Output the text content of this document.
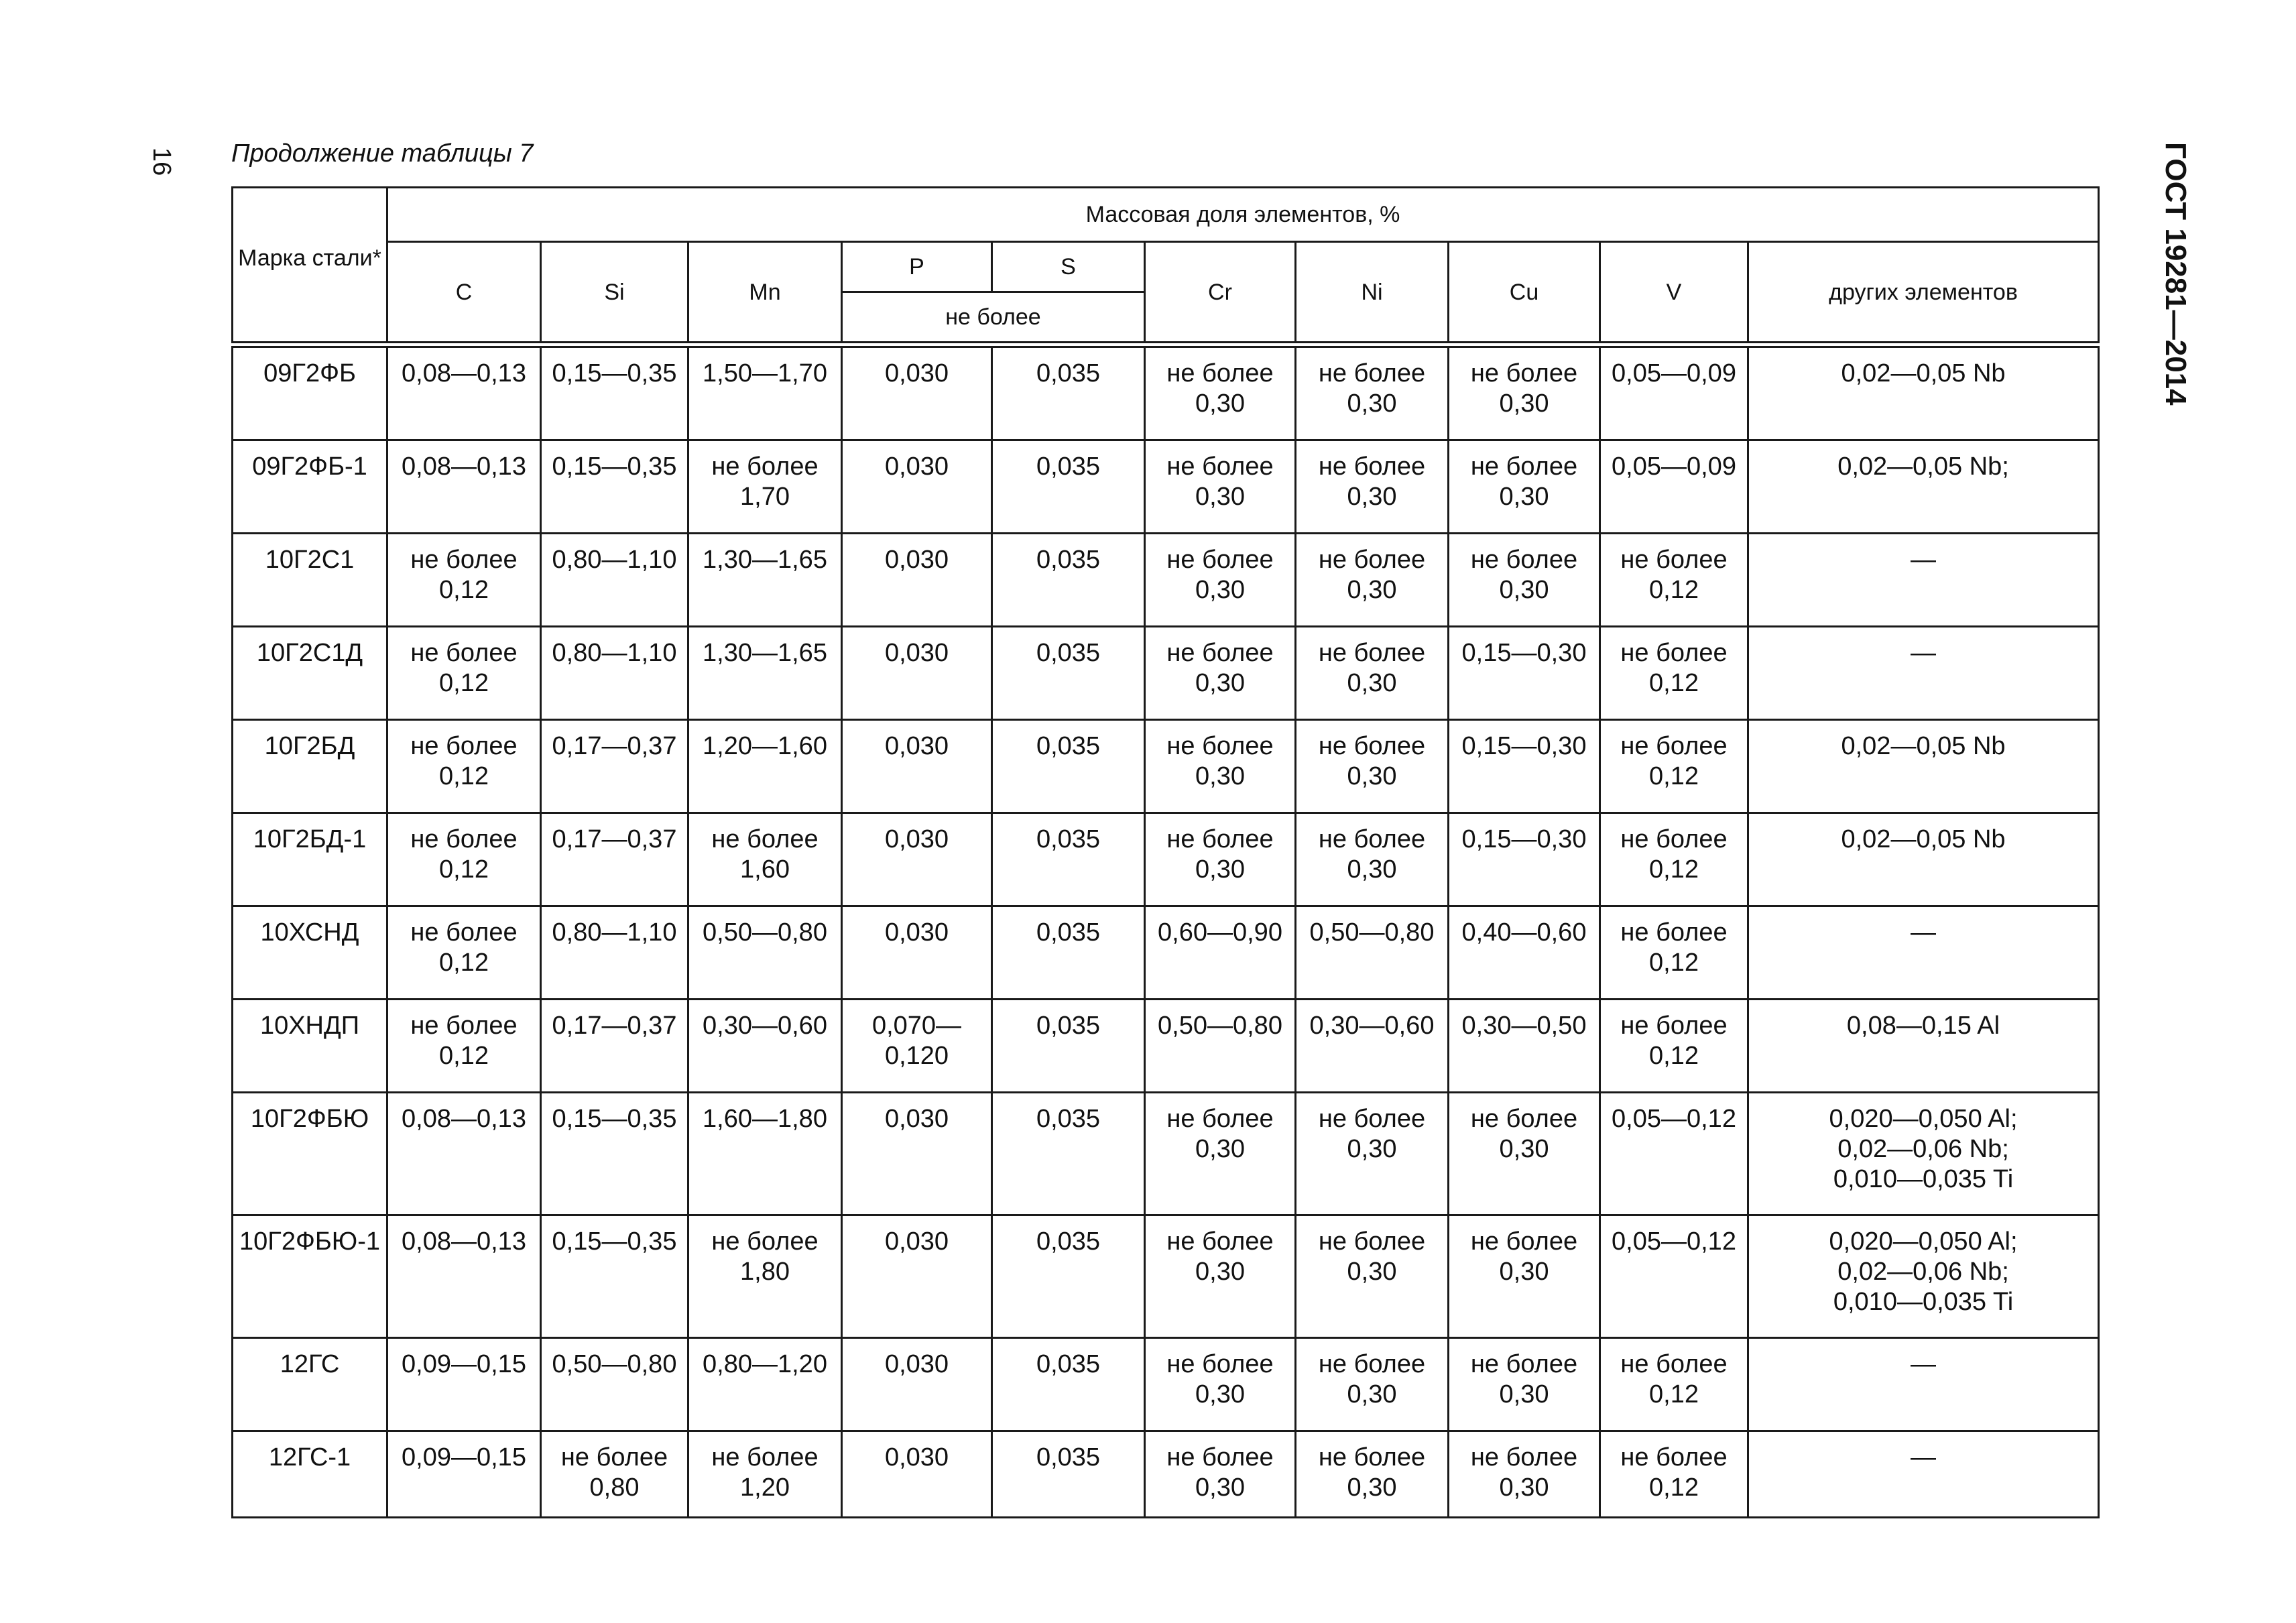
16 Продолжение таблицы 7	ГОСТ 19281—2014
Марка стали*	Массовая доля элементов, %									
	C	Si	Mn	P	S	Cr	Ni	Cu	V	других элементов
				не более						
09Г2ФБ	0,08—0,13	0,15—0,35	1,50—1,70	0,030	0,035	не более
0,30	не более
0,30	не более
0,30	0,05—0,09	0,02—0,05 Nb
09Г2ФБ-1	0,08—0,13	0,15—0,35	не более
1,70	0,030	0,035	не более
0,30	не более
0,30	не более
0,30	0,05—0,09	0,02—0,05 Nb;
10Г2С1	не более
0,12	0,80—1,10	1,30—1,65	0,030	0,035	не более
0,30	не более
0,30	не более
0,30	не более
0,12	—
10Г2С1Д	не более
0,12	0,80—1,10	1,30—1,65	0,030	0,035	не более
0,30	не более
0,30	0,15—0,30	не более
0,12	—
10Г2БД	не более
0,12	0,17—0,37	1,20—1,60	0,030	0,035	не более
0,30	не более
0,30	0,15—0,30	не более
0,12	0,02—0,05 Nb
10Г2БД-1	не более
0,12	0,17—0,37	не более
1,60	0,030	0,035	не более
0,30	не более
0,30	0,15—0,30	не более
0,12	0,02—0,05 Nb
10ХСНД	не более
0,12	0,80—1,10	0,50—0,80	0,030	0,035	0,60—0,90	0,50—0,80	0,40—0,60	не более
0,12	—
10ХНДП	не более
0,12	0,17—0,37	0,30—0,60	0,070—
0,120	0,035	0,50—0,80	0,30—0,60	0,30—0,50	не более
0,12	0,08—0,15 Al
10Г2ФБЮ	0,08—0,13	0,15—0,35	1,60—1,80	0,030	0,035	не более
0,30	не более
0,30	не более
0,30	0,05—0,12	0,020—0,050 Al;
0,02—0,06 Nb;
0,010—0,035 Ti
10Г2ФБЮ-1	0,08—0,13	0,15—0,35	не более
1,80	0,030	0,035	не более
0,30	не более
0,30	не более
0,30	0,05—0,12	0,020—0,050 Al;
0,02—0,06 Nb;
0,010—0,035 Ti
12ГС	0,09—0,15	0,50—0,80	0,80—1,20	0,030	0,035	не более
0,30	не более
0,30	не более
0,30	не более
0,12	—
12ГС-1	0,09—0,15	не более
0,80	не более
1,20	0,030	0,035	не более
0,30	не более
0,30	не более
0,30	не более
0,12	—
